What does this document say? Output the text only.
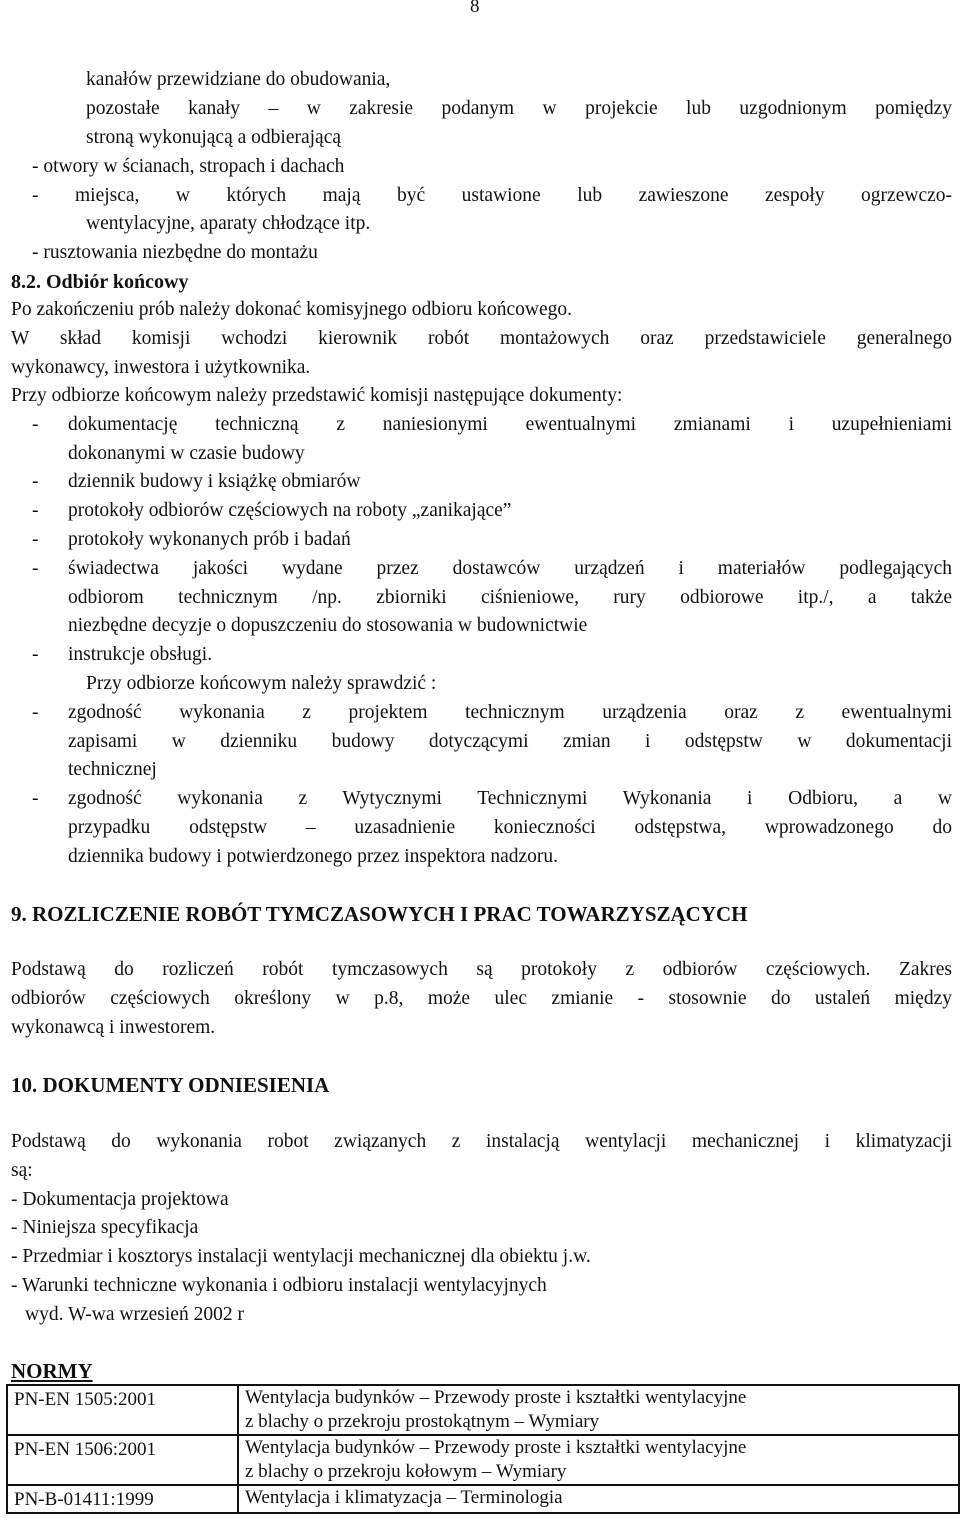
8
kanałów przewidziane do obudowania,
pozostałe kanały – w zakresie podanym w projekcie lub uzgodnionym pomiędzy
stroną wykonującą a odbierającą
- otwory w ścianach, stropach i dachach
- miejsca, w których mają być ustawione lub zawieszone zespoły ogrzewczo-
wentylacyjne, aparaty chłodzące itp.
- rusztowania niezbędne do montażu
8.2. Odbiór końcowy
Po zakończeniu prób należy dokonać komisyjnego odbioru końcowego.
W skład komisji wchodzi kierownik robót montażowych oraz przedstawiciele generalnego
wykonawcy, inwestora i użytkownika.
Przy odbiorze końcowym należy przedstawić komisji następujące dokumenty:
- dokumentację techniczną z naniesionymi ewentualnymi zmianami i uzupełnieniami
dokonanymi w czasie budowy
- dziennik budowy i książkę obmiarów
- protokoły odbiorów częściowych na roboty „zanikające”
- protokoły wykonanych prób i badań
- świadectwa jakości wydane przez dostawców urządzeń i materiałów podlegających
odbiorom technicznym /np. zbiorniki ciśnieniowe, rury odbiorowe itp./, a także
niezbędne decyzje o dopuszczeniu do stosowania w budownictwie
- instrukcje obsługi.
Przy odbiorze końcowym należy sprawdzić :
- zgodność wykonania z projektem technicznym urządzenia oraz z ewentualnymi
zapisami w dzienniku budowy dotyczącymi zmian i odstępstw w dokumentacji
technicznej
- zgodność wykonania z Wytycznymi Technicznymi Wykonania i Odbioru, a w
przypadku odstępstw – uzasadnienie konieczności odstępstwa, wprowadzonego do
dziennika budowy i potwierdzonego przez inspektora nadzoru.
9. ROZLICZENIE ROBÓT TYMCZASOWYCH I PRAC TOWARZYSZĄCYCH
Podstawą do rozliczeń robót tymczasowych są protokoły z odbiorów częściowych. Zakres
odbiorów częściowych określony w p.8, może ulec zmianie - stosownie do ustaleń między
wykonawcą i inwestorem.
10. DOKUMENTY ODNIESIENIA
Podstawą do wykonania robot związanych z instalacją wentylacji mechanicznej i klimatyzacji
są:
- Dokumentacja projektowa
- Niniejsza specyfikacja
- Przedmiar i kosztorys instalacji wentylacji mechanicznej dla obiektu j.w.
- Warunki techniczne wykonania i odbioru instalacji wentylacyjnych
wyd. W-wa wrzesień 2002 r
NORMY
PN-EN 1505:2001	Wentylacja budynków – Przewody proste i kształtki wentylacyjne
z blachy o przekroju prostokątnym – Wymiary

PN-EN 1506:2001	Wentylacja budynków – Przewody proste i kształtki wentylacyjne
z blachy o przekroju kołowym – Wymiary

PN-B-01411:1999	Wentylacja i klimatyzacja – Terminologia
